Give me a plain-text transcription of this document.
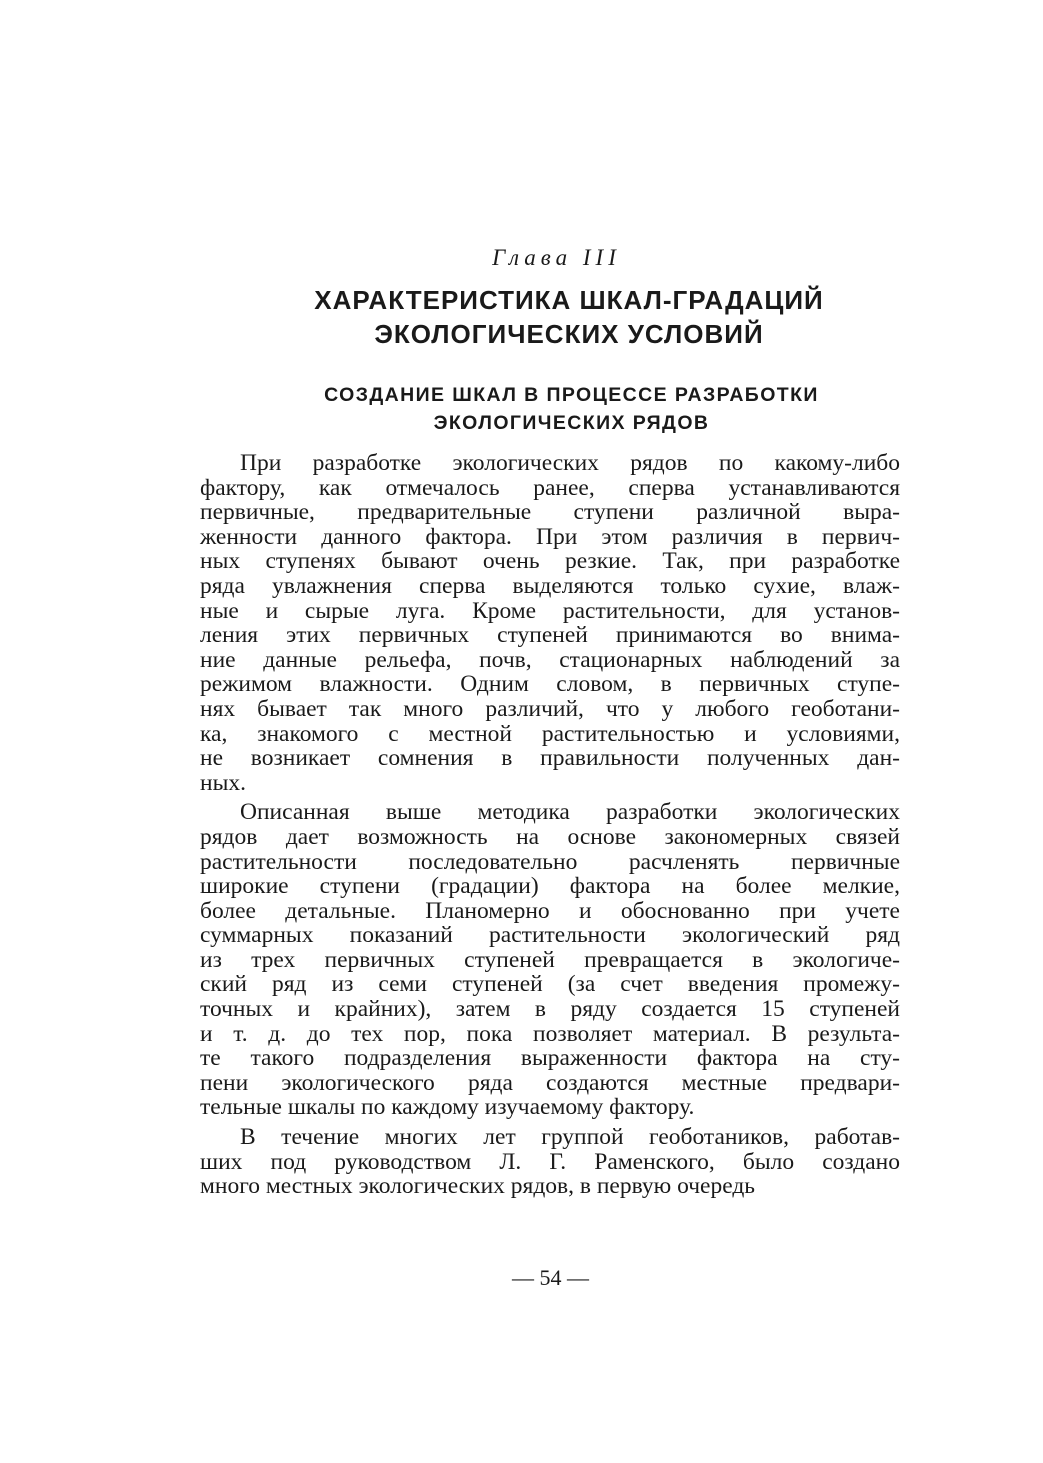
Глава III
ХАРАКТЕРИСТИКА ШКАЛ-ГРАДАЦИЙ
ЭКОЛОГИЧЕСКИХ УСЛОВИЙ
СОЗДАНИЕ ШКАЛ В ПРОЦЕССЕ РАЗРАБОТКИ
ЭКОЛОГИЧЕСКИХ РЯДОВ
При разработке экологических рядов по какому-либо
фактору, как отмечалось ранее, сперва устанавливаются
первичные, предварительные ступени различной выра-
женности данного фактора. При этом различия в первич-
ных ступенях бывают очень резкие. Так, при разработке
ряда увлажнения сперва выделяются только сухие, влаж-
ные и сырые луга. Кроме растительности, для установ-
ления этих первичных ступеней принимаются во внима-
ние данные рельефа, почв, стационарных наблюдений за
режимом влажности. Одним словом, в первичных ступе-
нях бывает так много различий, что у любого геоботани-
ка, знакомого с местной растительностью и условиями,
не возникает сомнения в правильности полученных дан-
ных.
Описанная выше методика разработки экологических
рядов дает возможность на основе закономерных связей
растительности последовательно расчленять первичные
широкие ступени (градации) фактора на более мелкие,
более детальные. Планомерно и обоснованно при учете
суммарных показаний растительности экологический ряд
из трех первичных ступеней превращается в экологиче-
ский ряд из семи ступеней (за счет введения промежу-
точных и крайних), затем в ряду создается 15 ступеней
и т. д. до тех пор, пока позволяет материал. В результа-
те такого подразделения выраженности фактора на сту-
пени экологического ряда создаются местные предвари-
тельные шкалы по каждому изучаемому фактору.
В течение многих лет группой геоботаников, работав-
ших под руководством Л. Г. Раменского, было создано
много местных экологических рядов, в первую очередь
— 54 —
